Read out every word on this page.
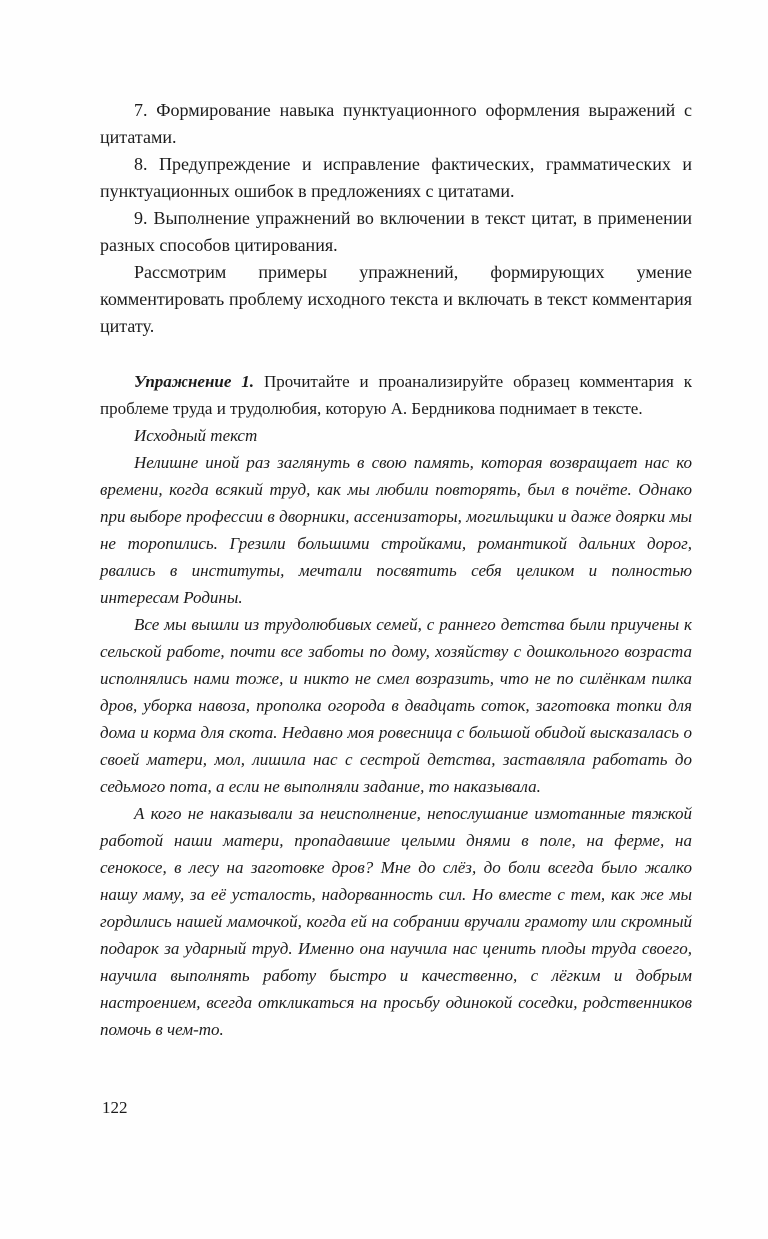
7. Формирование навыка пунктуационного оформления выражений с цитатами.

8. Предупреждение и исправление фактических, грамматических и пунктуационных ошибок в предложениях с цитатами.

9. Выполнение упражнений во включении в текст цитат, в применении разных способов цитирования.

Рассмотрим примеры упражнений, формирующих умение комментировать проблему исходного текста и включать в текст комментария цитату.

Упражнение 1. Прочитайте и проанализируйте образец комментария к проблеме труда и трудолюбия, которую А. Бердникова поднимает в тексте.

Исходный текст

Нелишне иной раз заглянуть в свою память, которая возвращает нас ко времени, когда всякий труд, как мы любили повторять, был в почёте. Однако при выборе профессии в дворники, ассенизаторы, могильщики и даже доярки мы не торопились. Грезили большими стройками, романтикой дальних дорог, рвались в институты, мечтали посвятить себя целиком и полностью интересам Родины.

Все мы вышли из трудолюбивых семей, с раннего детства были приучены к сельской работе, почти все заботы по дому, хозяйству с дошкольного возраста исполнялись нами тоже, и никто не смел возразить, что не по силёнкам пилка дров, уборка навоза, прополка огорода в двадцать соток, заготовка топки для дома и корма для скота. Недавно моя ровесница с большой обидой высказалась о своей матери, мол, лишила нас с сестрой детства, заставляла работать до седьмого пота, а если не выполняли задание, то наказывала.

А кого не наказывали за неисполнение, непослушание измотанные тяжкой работой наши матери, пропадавшие целыми днями в поле, на ферме, на сенокосе, в лесу на заготовке дров? Мне до слёз, до боли всегда было жалко нашу маму, за её усталость, надорванность сил. Но вместе с тем, как же мы гордились нашей мамочкой, когда ей на собрании вручали грамоту или скромный подарок за ударный труд. Именно она научила нас ценить плоды труда своего, научила выполнять работу быстро и качественно, с лёгким и добрым настроением, всегда откликаться на просьбу одинокой соседки, родственников помочь в чем-то.

122
